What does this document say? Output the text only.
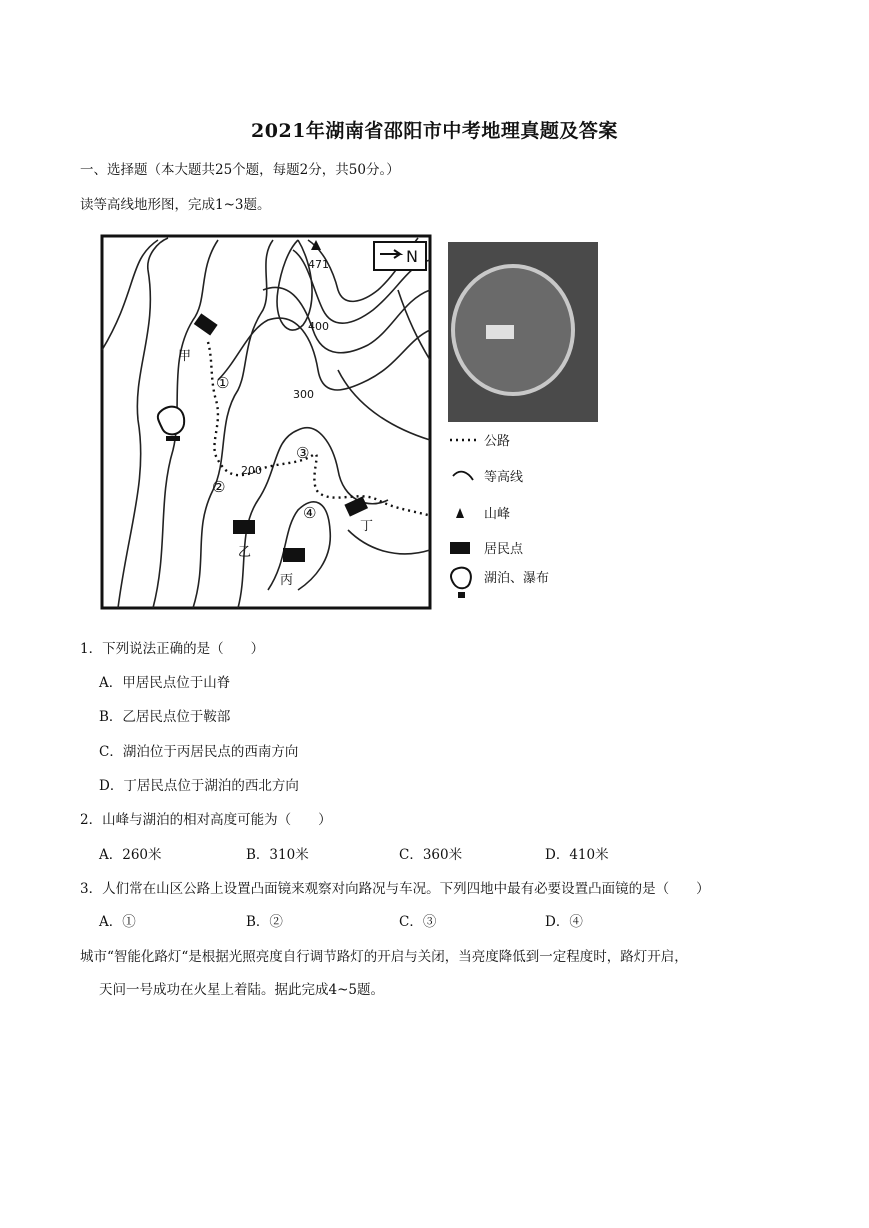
2021年湖南省邵阳市中考地理真题及答案
一、选择题（本大题共25个题，每题2分，共50分。）
读等高线地形图，完成1~3题。
N
471
400
300
200
①
②
③
④
甲
乙
丙
丁
公路
等高线
山峰
居民点
湖泊、瀑布
1．下列说法正确的是（　　）
A．甲居民点位于山脊
B．乙居民点位于鞍部
C．湖泊位于丙居民点的西南方向
D．丁居民点位于湖泊的西北方向
2．山峰与湖泊的相对高度可能为（　　）
A．260米	B．310米	C．360米	D．410米
3．人们常在山区公路上设置凸面镜来观察对向路况与车况。下列四地中最有必要设置凸面镜的是（　　）
A．①	B．②	C．③	D．④
城市“智能化路灯“是根据光照亮度自行调节路灯的开启与关闭，当亮度降低到一定程度时，路灯开启，
天问一号成功在火星上着陆。据此完成4~5题。
